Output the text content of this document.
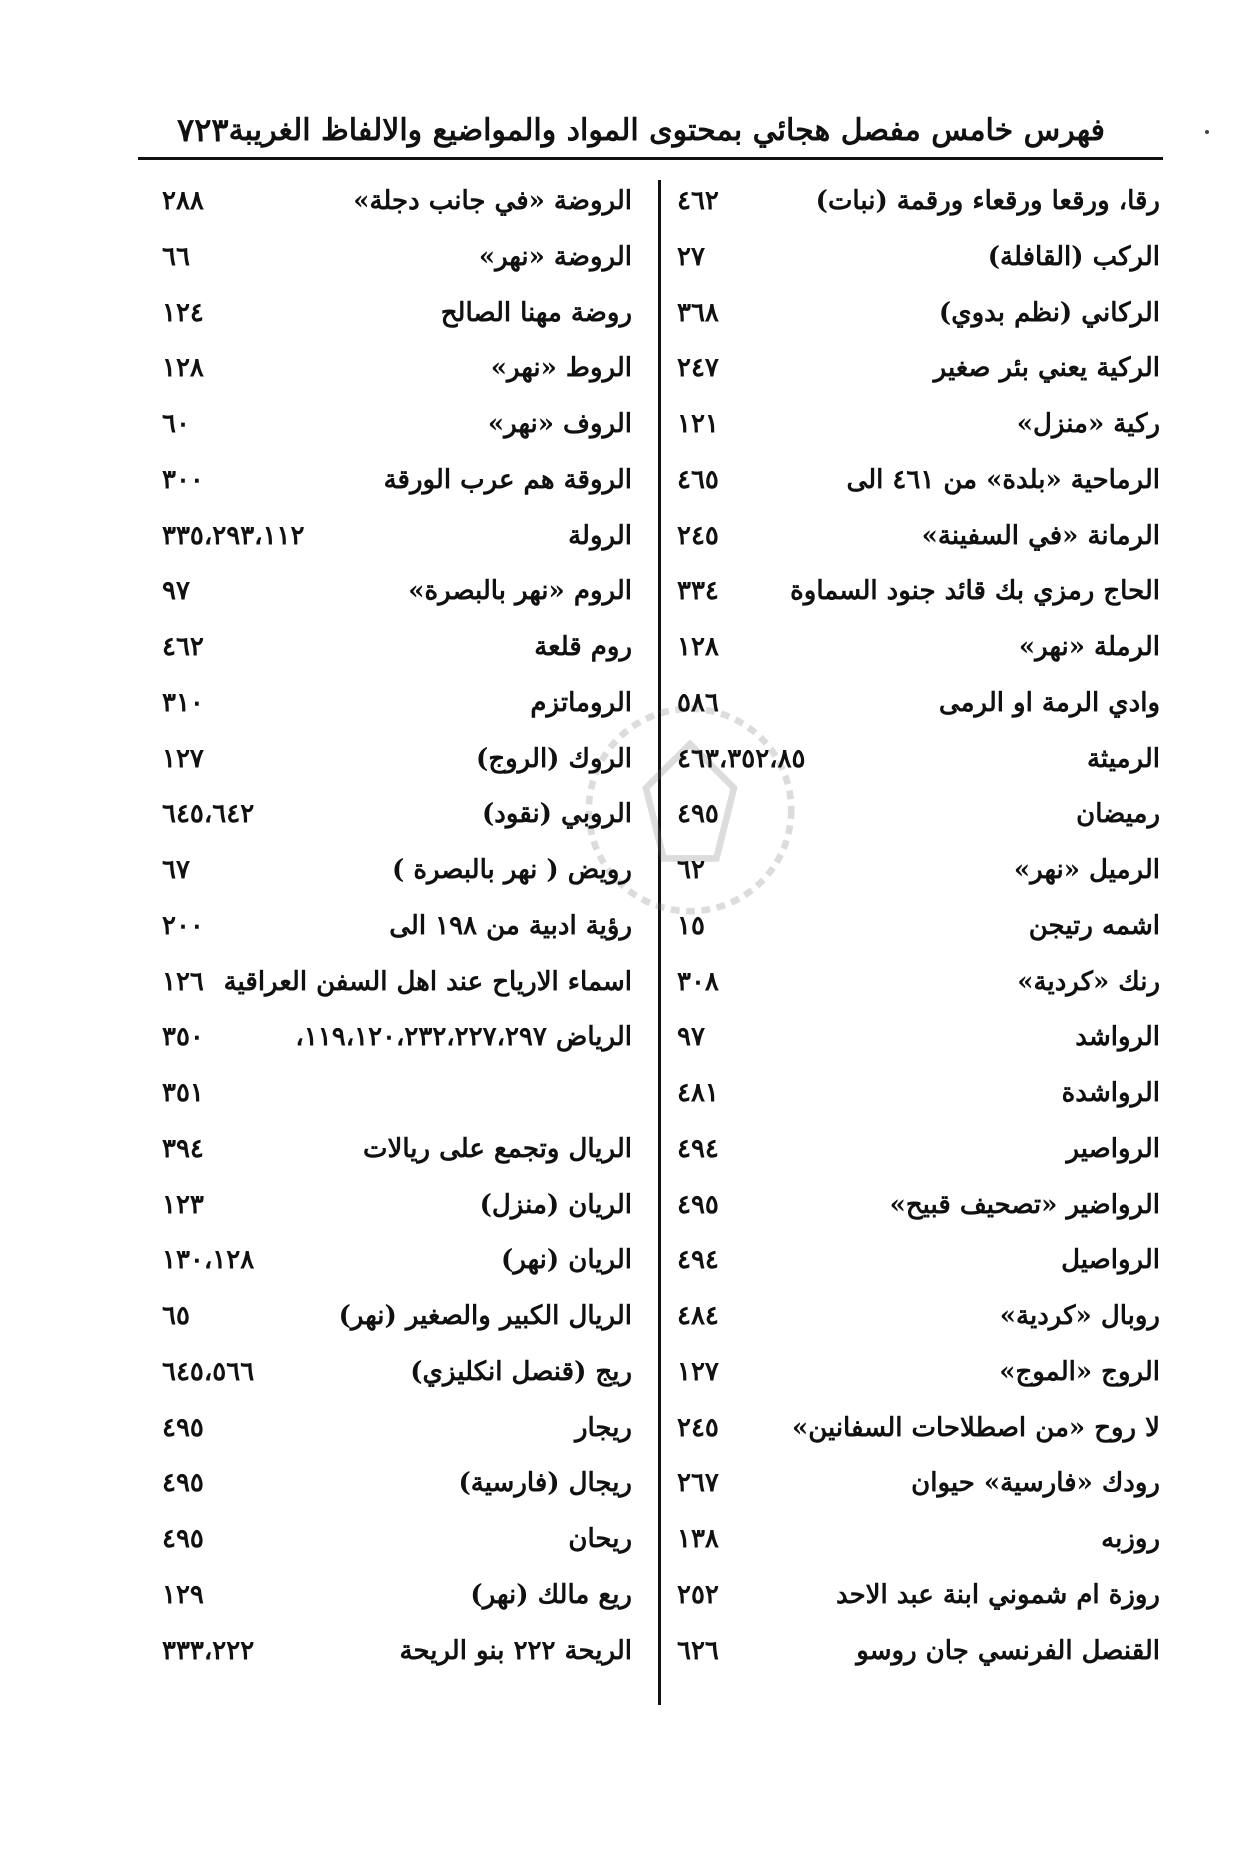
فهرس خامس مفصل هجائي بمحتوى المواد والمواضيع والالفاظ الغريبة
٧٢٣
رقا، ورقعا ورقعاء ورقمة (نبات)
٤٦٢
الركب (القافلة)
٢٧
الركاني (نظم بدوي)
٣٦٨
الركية يعني بئر صغير
٢٤٧
ركية «منزل»
١٢١
الرماحية «بلدة» من ٤٦١ الى
٤٦٥
الرمانة «في السفينة»
٢٤٥
الحاج رمزي بك قائد جنود السماوة
٣٣٤
الرملة «نهر»
١٢٨
وادي الرمة او الرمى
٥٨٦
الرميثة
٤٦٣،٣٥٢،٨٥
رميضان
٤٩٥
الرميل «نهر»
٦٢
اشمه رتيجن
١٥
رنك «كردية»
٣٠٨
الرواشد
٩٧
الرواشدة
٤٨١
الرواصير
٤٩٤
الرواضير «تصحيف قبيح»
٤٩٥
الرواصيل
٤٩٤
روبال «كردية»
٤٨٤
الروج «الموج»
١٢٧
لا روح «من اصطلاحات السفانين»
٢٤٥
رودك «فارسية» حيوان
٢٦٧
روزبه
١٣٨
روزة ام شموني ابنة عبد الاحد
٢٥٢
القنصل الفرنسي جان روسو
٦٢٦
الروضة «في جانب دجلة»
٢٨٨
الروضة «نهر»
٦٦
روضة مهنا الصالح
١٢٤
الروط «نهر»
١٢٨
الروف «نهر»
٦٠
الروقة هم عرب الورقة
٣٠٠
الرولة
٣٣٥،٢٩٣،١١٢
الروم «نهر بالبصرة»
٩٧
روم قلعة
٤٦٢
الروماتزم
٣١٠
الروك (الروج)
١٢٧
الروبي (نقود)
٦٤٥،٦٤٢
رويض ( نهر بالبصرة )
٦٧
رؤية ادبية من ١٩٨ الى
٢٠٠
اسماء الارياح عند اهل السفن العراقية
١٢٦
الرياض ١١٩،١٢٠،٢٣٢،٢٢٧،٢٩٧،
٣٥٠
٣٥١
الريال وتجمع على ريالات
٣٩٤
الريان (منزل)
١٢٣
الريان (نهر)
١٣٠،١٢٨
الريال الكبير والصغير (نهر)
٦٥
ريج (قنصل انكليزي)
٦٤٥،٥٦٦
ريجار
٤٩٥
ريجال (فارسية)
٤٩٥
ريحان
٤٩٥
ريع مالك (نهر)
١٢٩
الريحة ٢٢٢ بنو الريحة
٣٣٣،٢٢٢
